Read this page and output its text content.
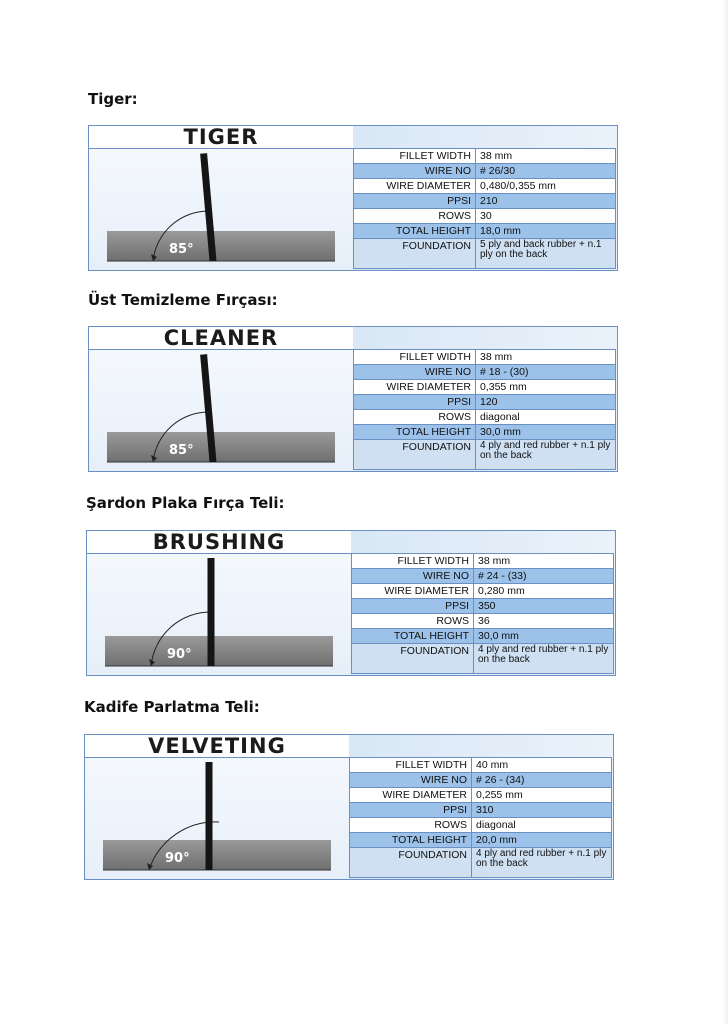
Tiger:
TIGER
85°
FILLET WIDTH	38 mm
WIRE NO	# 26/30
WIRE DIAMETER	0,480/0,355 mm
PPSI	210
ROWS	30
TOTAL HEIGHT	18,0 mm
FOUNDATION	5 ply and back rubber + n.1 ply on the back
Üst Temizleme Fırçası:
CLEANER
85°
FILLET WIDTH	38 mm
WIRE NO	# 18 - (30)
WIRE DIAMETER	0,355 mm
PPSI	120
ROWS	diagonal
TOTAL HEIGHT	30,0 mm
FOUNDATION	4 ply and red rubber + n.1 ply on the back
Şardon Plaka Fırça Teli:
BRUSHING
90°
FILLET WIDTH	38 mm
WIRE NO	# 24 - (33)
WIRE DIAMETER	0,280 mm
PPSI	350
ROWS	36
TOTAL HEIGHT	30,0 mm
FOUNDATION	4 ply and red rubber + n.1 ply on the back
Kadife Parlatma Teli:
VELVETING
90°
FILLET WIDTH	40 mm
WIRE NO	# 26 - (34)
WIRE DIAMETER	0,255 mm
PPSI	310
ROWS	diagonal
TOTAL HEIGHT	20,0 mm
FOUNDATION	4 ply and red rubber + n.1 ply on the back
